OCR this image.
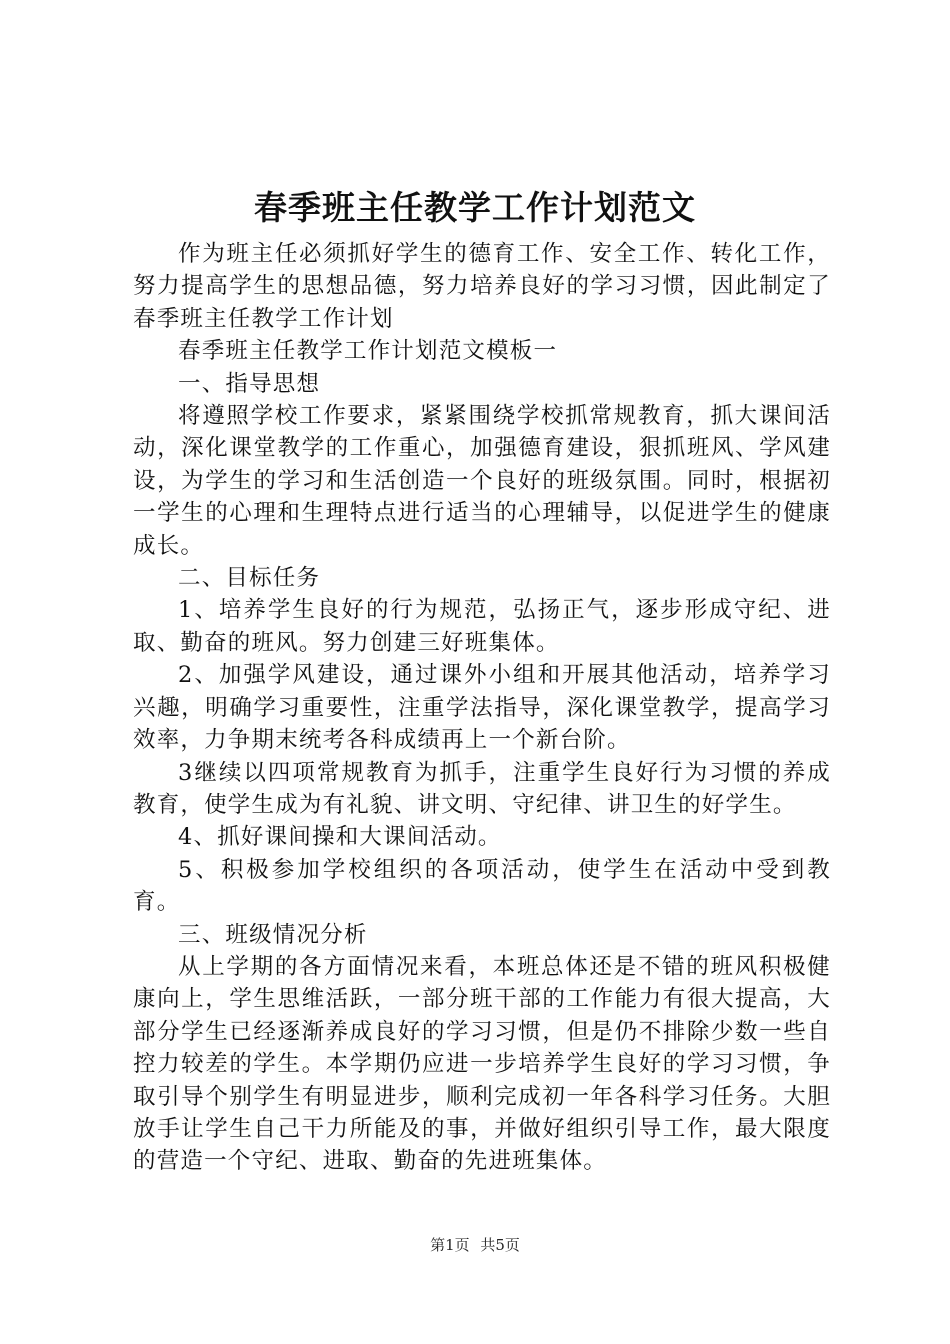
春季班主任教学工作计划范文

作为班主任必须抓好学生的德育工作、安全工作、转化工作，努力提高学生的思想品德，努力培养良好的学习习惯，因此制定了春季班主任教学工作计划

春季班主任教学工作计划范文模板一

一、指导思想

将遵照学校工作要求，紧紧围绕学校抓常规教育，抓大课间活动，深化课堂教学的工作重心，加强德育建设，狠抓班风、学风建设，为学生的学习和生活创造一个良好的班级氛围。同时，根据初一学生的心理和生理特点进行适当的心理辅导，以促进学生的健康成长。

二、目标任务

1、培养学生良好的行为规范，弘扬正气，逐步形成守纪、进取、勤奋的班风。努力创建三好班集体。

2、加强学风建设，通过课外小组和开展其他活动，培养学习兴趣，明确学习重要性，注重学法指导，深化课堂教学，提高学习效率，力争期末统考各科成绩再上一个新台阶。

3继续以四项常规教育为抓手，注重学生良好行为习惯的养成教育，使学生成为有礼貌、讲文明、守纪律、讲卫生的好学生。

4、抓好课间操和大课间活动。

5、积极参加学校组织的各项活动，使学生在活动中受到教育。

三、班级情况分析

从上学期的各方面情况来看，本班总体还是不错的班风积极健康向上，学生思维活跃，一部分班干部的工作能力有很大提高，大部分学生已经逐渐养成良好的学习习惯，但是仍不排除少数一些自控力较差的学生。本学期仍应进一步培养学生良好的学习习惯，争取引导个别学生有明显进步，顺利完成初一年各科学习任务。大胆放手让学生自己干力所能及的事，并做好组织引导工作，最大限度的营造一个守纪、进取、勤奋的先进班集体。

第1页 共5页
